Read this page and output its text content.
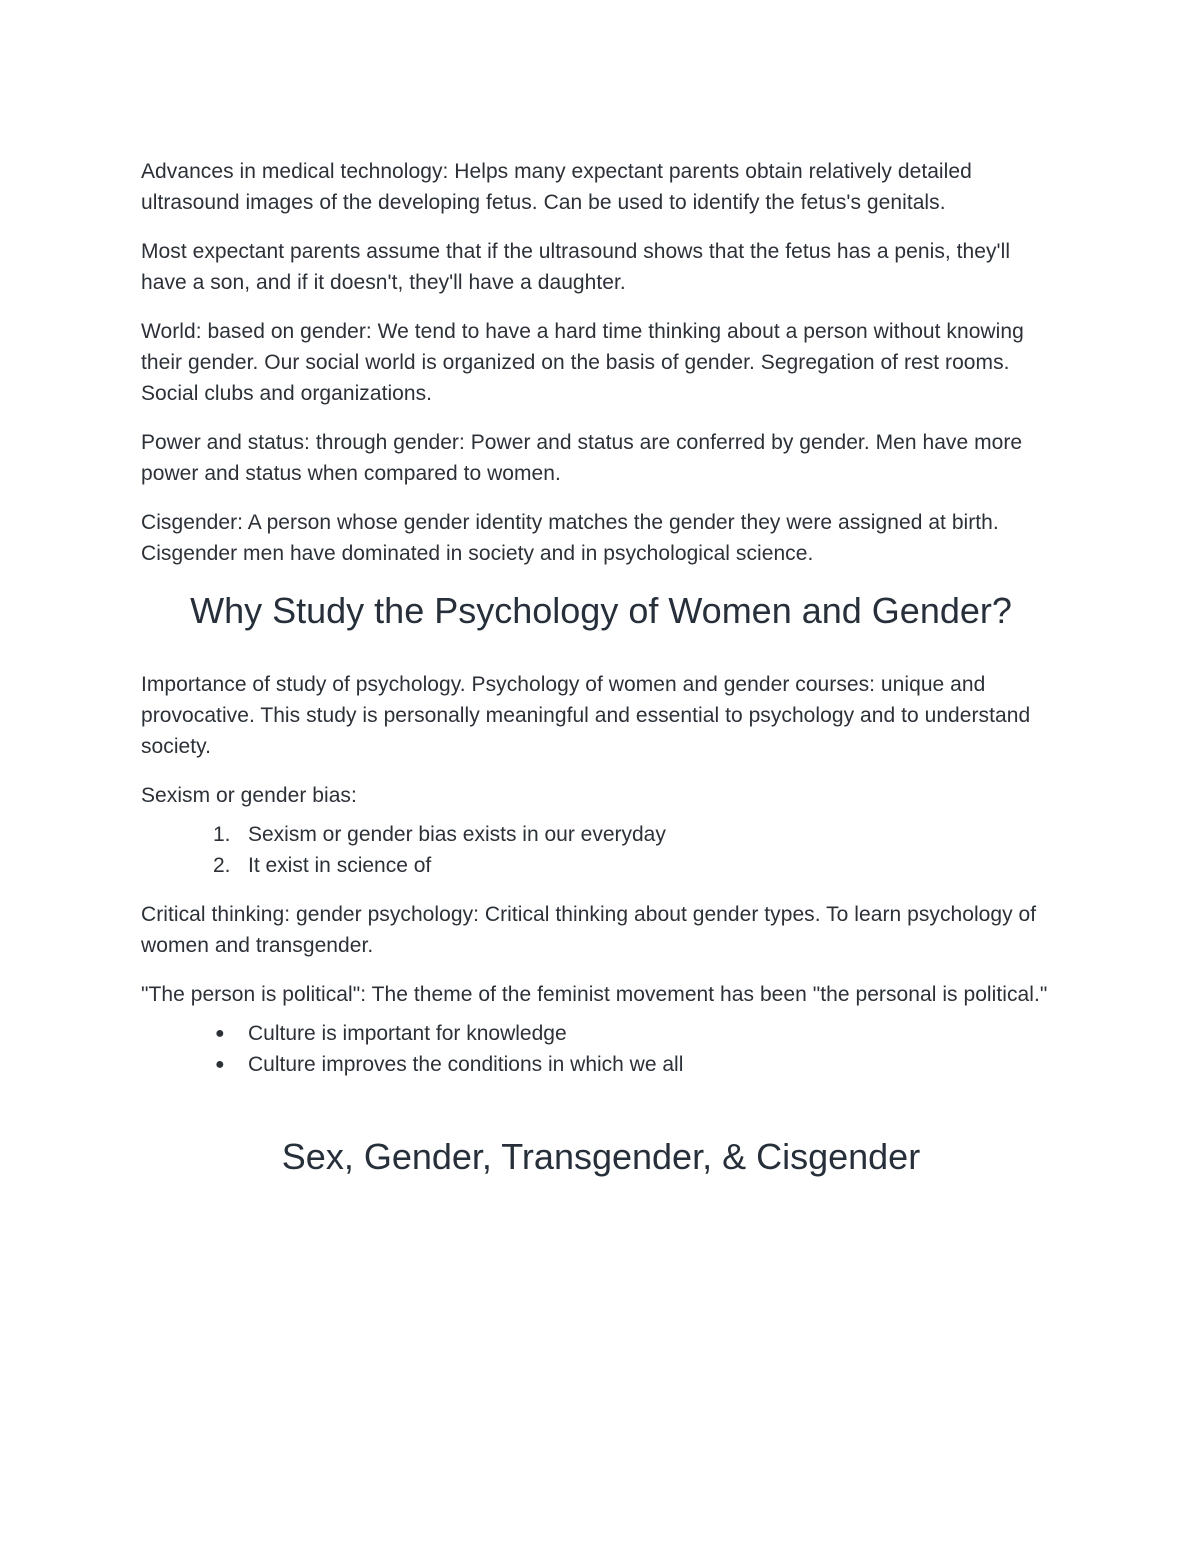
Advances in medical technology: Helps many expectant parents obtain relatively detailed ultrasound images of the developing fetus. Can be used to identify the fetus's genitals.

Most expectant parents assume that if the ultrasound shows that the fetus has a penis, they'll have a son, and if it doesn't, they'll have a daughter.

World: based on gender: We tend to have a hard time thinking about a person without knowing their gender. Our social world is organized on the basis of gender. Segregation of rest rooms. Social clubs and organizations.

Power and status: through gender: Power and status are conferred by gender. Men have more power and status when compared to women.

Cisgender: A person whose gender identity matches the gender they were assigned at birth. Cisgender men have dominated in society and in psychological science.

Why Study the Psychology of Women and Gender?

Importance of study of psychology. Psychology of women and gender courses: unique and provocative. This study is personally meaningful and essential to psychology and to understand society.

Sexism or gender bias:

1. Sexism or gender bias exists in our everyday
2. It exist in science of

Critical thinking: gender psychology: Critical thinking about gender types. To learn psychology of women and transgender.

"The person is political": The theme of the feminist movement has been "the personal is political."

●	Culture is important for knowledge
●	Culture improves the conditions in which we all
Sex, Gender, Transgender, & Cisgender
